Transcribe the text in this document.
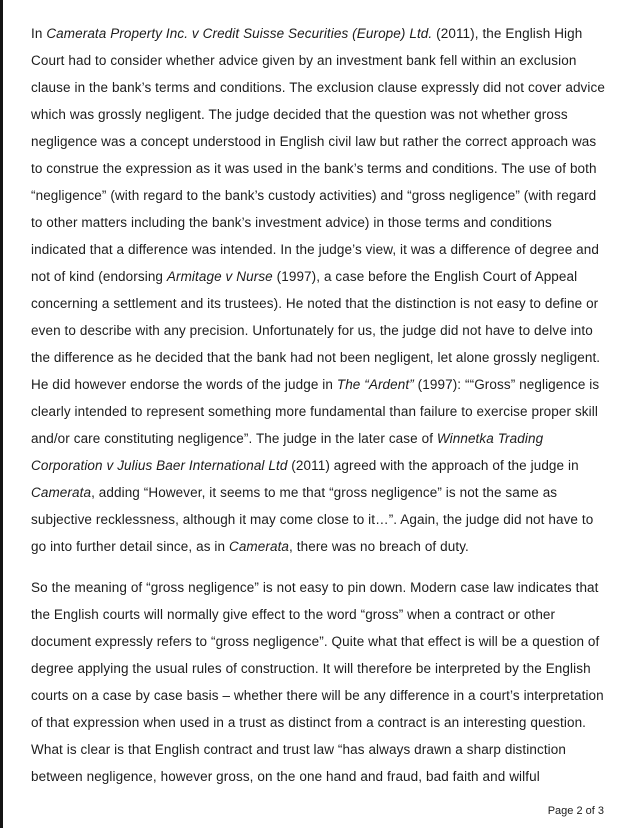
In Camerata Property Inc. v Credit Suisse Securities (Europe) Ltd. (2011), the English High Court had to consider whether advice given by an investment bank fell within an exclusion clause in the bank’s terms and conditions. The exclusion clause expressly did not cover advice which was grossly negligent. The judge decided that the question was not whether gross negligence was a concept understood in English civil law but rather the correct approach was to construe the expression as it was used in the bank’s terms and conditions. The use of both “negligence” (with regard to the bank’s custody activities) and “gross negligence” (with regard to other matters including the bank’s investment advice) in those terms and conditions indicated that a difference was intended. In the judge’s view, it was a difference of degree and not of kind (endorsing Armitage v Nurse (1997), a case before the English Court of Appeal concerning a settlement and its trustees). He noted that the distinction is not easy to define or even to describe with any precision. Unfortunately for us, the judge did not have to delve into the difference as he decided that the bank had not been negligent, let alone grossly negligent. He did however endorse the words of the judge in The “Ardent” (1997): ““Gross” negligence is clearly intended to represent something more fundamental than failure to exercise proper skill and/or care constituting negligence”. The judge in the later case of Winnetka Trading Corporation v Julius Baer International Ltd (2011) agreed with the approach of the judge in Camerata, adding “However, it seems to me that “gross negligence” is not the same as subjective recklessness, although it may come close to it…”. Again, the judge did not have to go into further detail since, as in Camerata, there was no breach of duty.

So the meaning of “gross negligence” is not easy to pin down. Modern case law indicates that the English courts will normally give effect to the word “gross” when a contract or other document expressly refers to “gross negligence”. Quite what that effect is will be a question of degree applying the usual rules of construction. It will therefore be interpreted by the English courts on a case by case basis – whether there will be any difference in a court’s interpretation of that expression when used in a trust as distinct from a contract is an interesting question. What is clear is that English contract and trust law “has always drawn a sharp distinction between negligence, however gross, on the one hand and fraud, bad faith and wilful

Page 2 of 3
